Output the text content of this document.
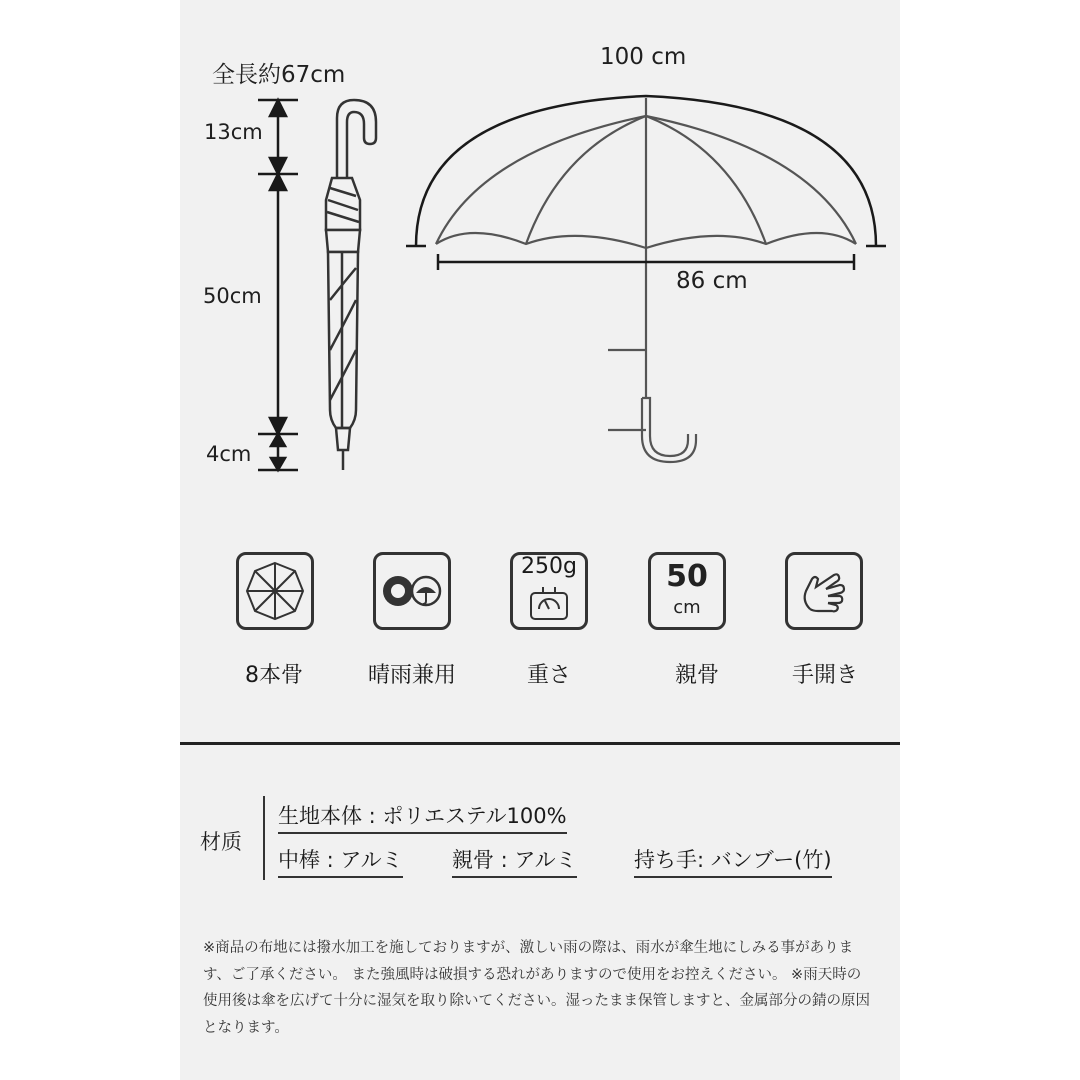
全長約67cm
13cm
50cm
4cm
100 cm
86 cm
250g	50
cm
8本骨	晴雨兼用	重さ	親骨	手開き
材质
生地本体 : ポリエステル100%
中棒 : アルミ 親骨 : アルミ	持ち手: バンブー(竹)
※商品の布地には撥水加工を施しておりますが、激しい雨の際は、雨水が傘生地にしみる事があります、ご了承ください。 また強風時は破損する恐れがありますので使用をお控えください。 ※雨天時の使用後は傘を広げて十分に湿気を取り除いてください。湿ったまま保管しますと、金属部分の錆の原因となります。
